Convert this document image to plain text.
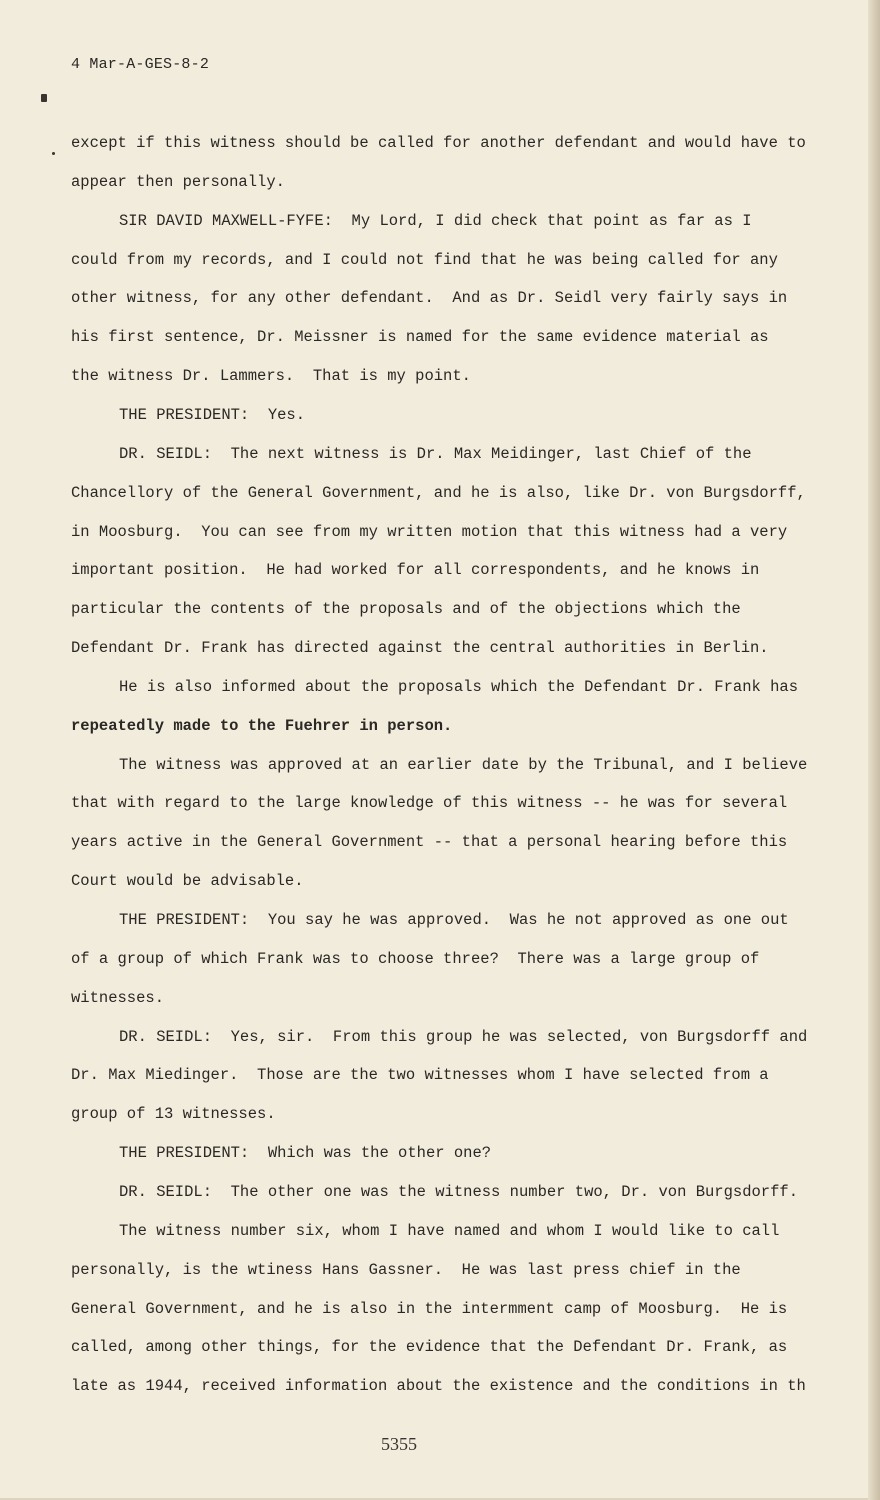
4 Mar-A-GES-8-2
except if this witness should be called for another defendant and would have to
appear then personally.
SIR DAVID MAXWELL-FYFE:  My Lord, I did check that point as far as I
could from my records, and I could not find that he was being called for any
other witness, for any other defendant.  And as Dr. Seidl very fairly says in
his first sentence, Dr. Meissner is named for the same evidence material as
the witness Dr. Lammers.  That is my point.
THE PRESIDENT:  Yes.
DR. SEIDL:  The next witness is Dr. Max Meidinger, last Chief of the
Chancellory of the General Government, and he is also, like Dr. von Burgsdorff,
in Moosburg.  You can see from my written motion that this witness had a very
important position.  He had worked for all correspondents, and he knows in
particular the contents of the proposals and of the objections which the
Defendant Dr. Frank has directed against the central authorities in Berlin.
He is also informed about the proposals which the Defendant Dr. Frank has
repeatedly made to the Fuehrer in person.
The witness was approved at an earlier date by the Tribunal, and I believe
that with regard to the large knowledge of this witness -- he was for several
years active in the General Government -- that a personal hearing before this
Court would be advisable.
THE PRESIDENT:  You say he was approved.  Was he not approved as one out
of a group of which Frank was to choose three?  There was a large group of
witnesses.
DR. SEIDL:  Yes, sir.  From this group he was selected, von Burgsdorff and
Dr. Max Miedinger.  Those are the two witnesses whom I have selected from a
group of 13 witnesses.
THE PRESIDENT:  Which was the other one?
DR. SEIDL:  The other one was the witness number two, Dr. von Burgsdorff.
The witness number six, whom I have named and whom I would like to call
personally, is the wtiness Hans Gassner.  He was last press chief in the
General Government, and he is also in the intermment camp of Moosburg.  He is
called, among other things, for the evidence that the Defendant Dr. Frank, as
late as 1944, received information about the existence and the conditions in th
5355
